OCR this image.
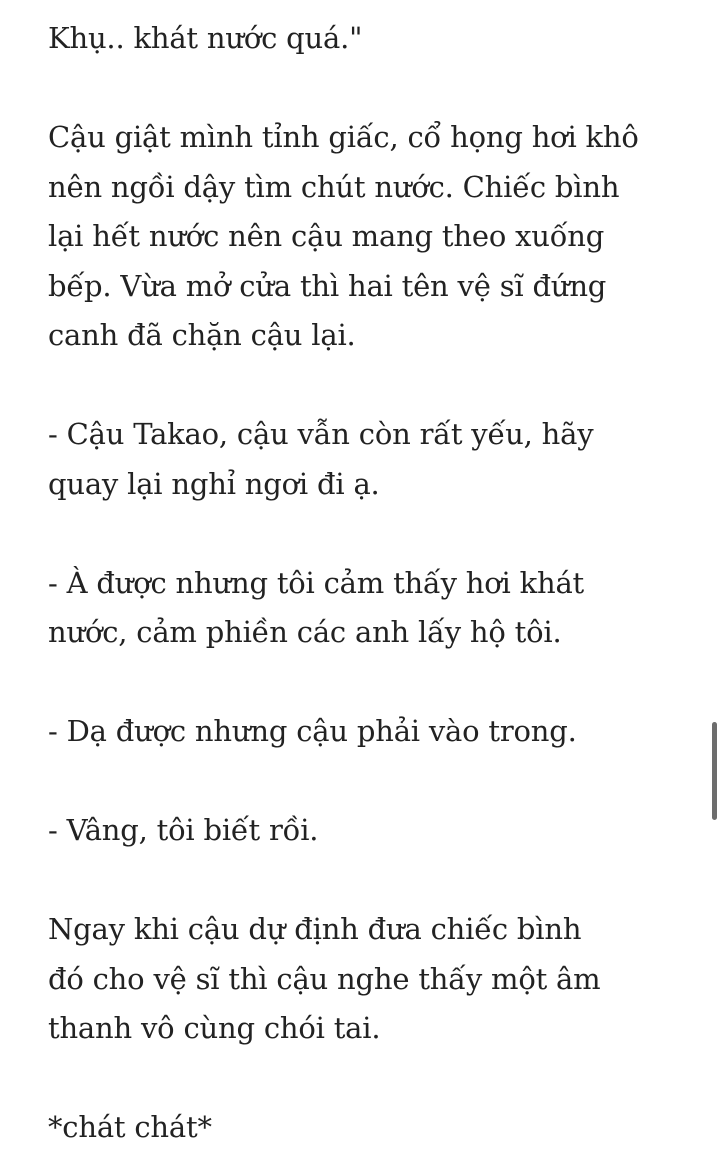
Khụ.. khát nước quá."

Cậu giật mình tỉnh giấc, cổ họng hơi khô
nên ngồi dậy tìm chút nước. Chiếc bình
lại hết nước nên cậu mang theo xuống
bếp. Vừa mở cửa thì hai tên vệ sĩ đứng
canh đã chặn cậu lại.

- Cậu Takao, cậu vẫn còn rất yếu, hãy
quay lại nghỉ ngơi đi ạ.

- À được nhưng tôi cảm thấy hơi khát
nước, cảm phiền các anh lấy hộ tôi.

- Dạ được nhưng cậu phải vào trong.

- Vâng, tôi biết rồi.

Ngay khi cậu dự định đưa chiếc bình
đó cho vệ sĩ thì cậu nghe thấy một âm
thanh vô cùng chói tai.

*chát chát*
